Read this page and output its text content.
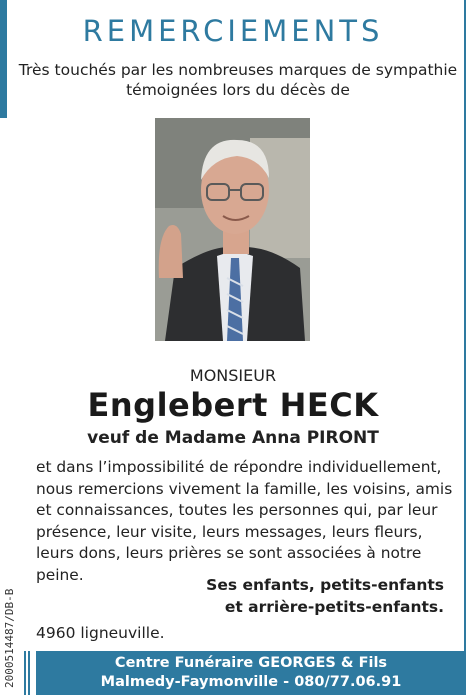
REMERCIEMENTS
Très touchés par les nombreuses marques de sympathie
témoignées lors du décès de
MONSIEUR
Englebert HECK
veuf de Madame Anna PIRONT
et dans l’impossibilité de répondre individuellement,
nous remercions vivement la famille, les voisins, amis
et connaissances, toutes les personnes qui, par leur
présence, leur visite, leurs messages, leurs fleurs,
leurs dons, leurs prières se sont associées à notre peine.
Ses enfants, petits-enfants
et arrière-petits-enfants.
4960 ligneuville.
2000514487/DB-B	Centre Funéraire GEORGES & Fils
Malmedy-Faymonville - 080/77.06.91
